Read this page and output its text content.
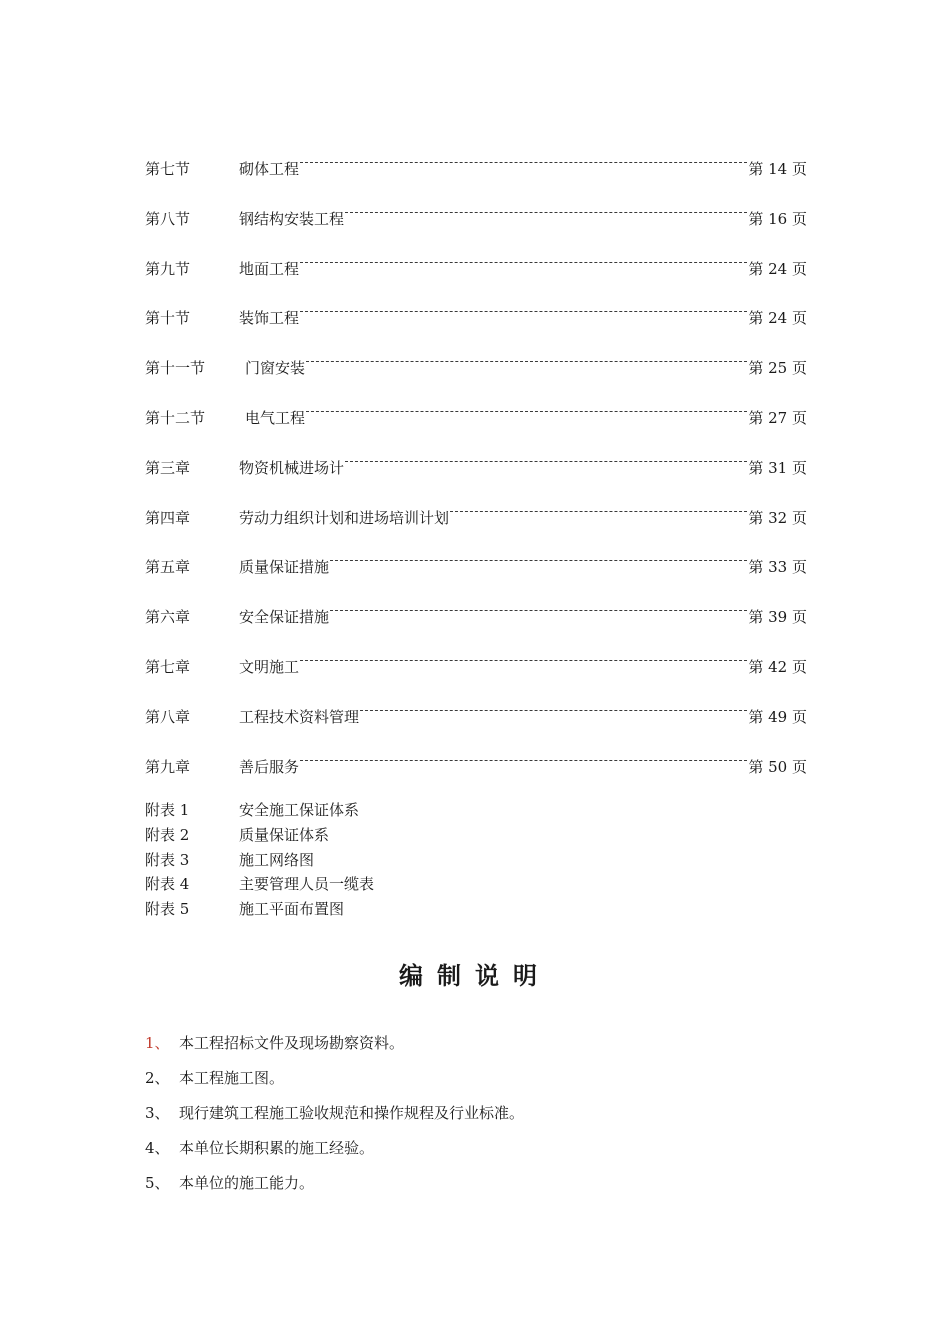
第七节	砌体工程	第 14 页
第八节	钢结构安装工程	第 16 页
第九节	地面工程	第 24 页
第十节	装饰工程	第 24 页
第十一节	门窗安装	第 25 页
第十二节	电气工程	第 27 页
第三章	物资机械进场计	第 31 页
第四章	劳动力组织计划和进场培训计划	第 32 页
第五章	质量保证措施	第 33 页
第六章	安全保证措施	第 39 页
第七章	文明施工	第 42 页
第八章	工程技术资料管理	第 49 页
第九章	善后服务	第 50 页
附表 1	安全施工保证体系
附表 2	质量保证体系
附表 3	施工网络图
附表 4	主要管理人员一缆表
附表 5	施工平面布置图
编制说明
1、 本工程招标文件及现场勘察资料。
2、 本工程施工图。
3、 现行建筑工程施工验收规范和操作规程及行业标准。
4、 本单位长期积累的施工经验。
5、 本单位的施工能力。
